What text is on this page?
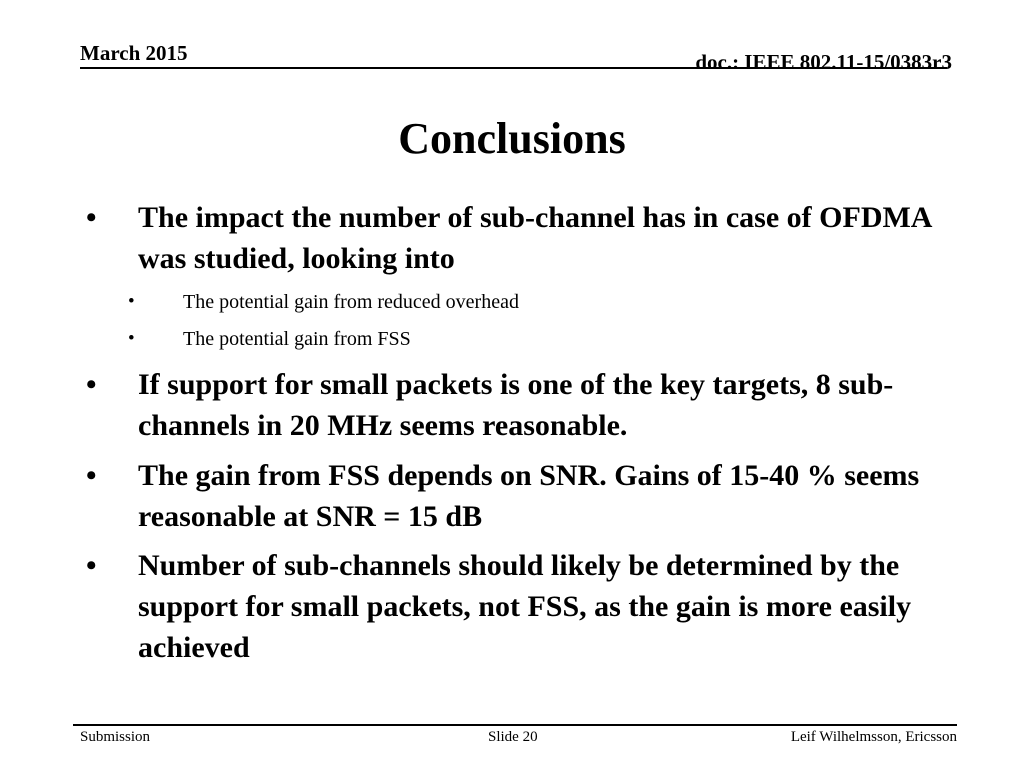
March 2015	doc.: IEEE 802.11-15/0383r3
Conclusions
• The impact the number of sub-channel has in case of OFDMA was studied, looking into
• The potential gain from reduced overhead
• The potential gain from FSS
• If support for small packets is one of the key targets, 8 sub-channels in 20 MHz seems reasonable.
• The gain from FSS depends on SNR. Gains of 15-40 % seems reasonable at SNR = 15 dB
• Number of sub-channels should likely be determined by the support for small packets, not FSS, as the gain is more easily achieved
Submission	Slide 20	Leif Wilhelmsson, Ericsson
